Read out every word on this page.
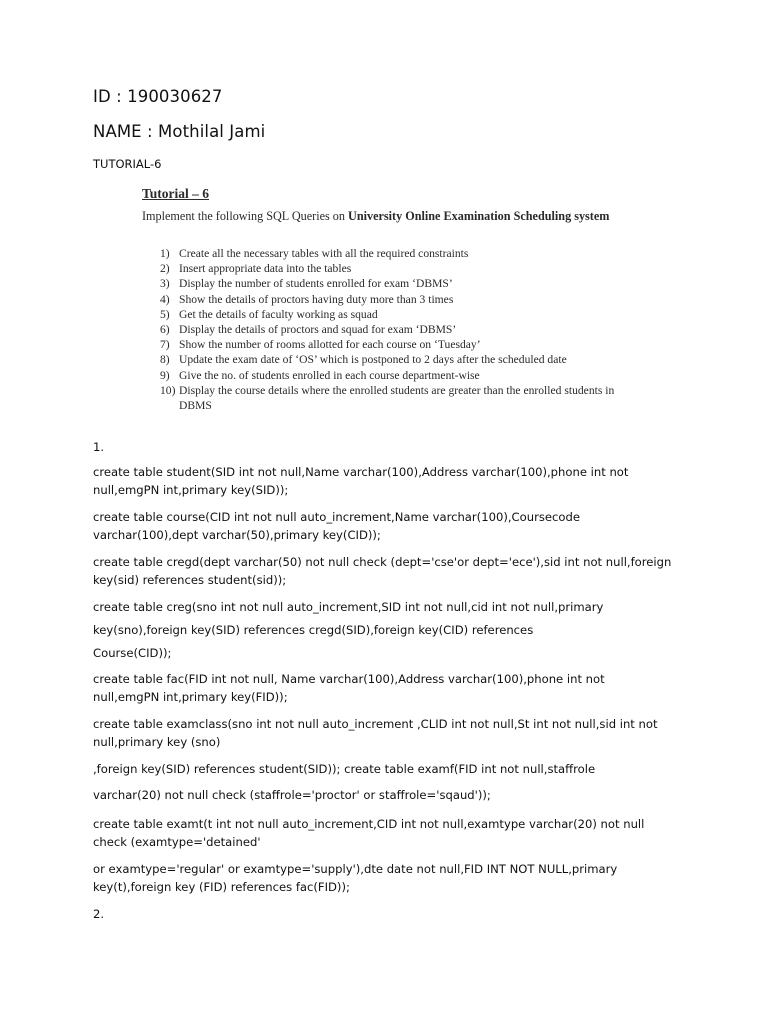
ID : 190030627
NAME : Mothilal Jami
TUTORIAL-6
Tutorial – 6
Implement the following SQL Queries on University Online Examination Scheduling system
1) Create all the necessary tables with all the required constraints
2) Insert appropriate data into the tables
3) Display the number of students enrolled for exam ‘DBMS’
4) Show the details of proctors having duty more than 3 times
5) Get the details of faculty working as squad
6) Display the details of proctors and squad for exam ‘DBMS’
7) Show the number of rooms allotted for each course on ‘Tuesday’
8) Update the exam date of ‘OS’ which is postponed to 2 days after the scheduled date
9) Give the no. of students enrolled in each course department-wise
10) Display the course details where the enrolled students are greater than the enrolled students in DBMS
1.
create table student(SID int not null,Name varchar(100),Address varchar(100),phone int not null,emgPN int,primary key(SID));
create table course(CID int not null auto_increment,Name varchar(100),Coursecode varchar(100),dept varchar(50),primary key(CID));
create table cregd(dept varchar(50) not null check (dept='cse'or dept='ece'),sid int not null,foreign key(sid) references student(sid));
create table creg(sno int not null auto_increment,SID int not null,cid int not null,primary
key(sno),foreign key(SID) references cregd(SID),foreign key(CID) references
Course(CID));
create table fac(FID int not null, Name varchar(100),Address varchar(100),phone int not null,emgPN int,primary key(FID));
create table examclass(sno int not null auto_increment ,CLID int not null,St int not null,sid int not null,primary key (sno)
,foreign key(SID) references student(SID)); create table examf(FID int not null,staffrole
varchar(20) not null check (staffrole='proctor' or staffrole='sqaud'));
create table examt(t int not null auto_increment,CID int not null,examtype varchar(20) not null check (examtype='detained'
or examtype='regular' or examtype='supply'),dte date not null,FID INT NOT NULL,primary key(t),foreign key (FID) references fac(FID));
2.
